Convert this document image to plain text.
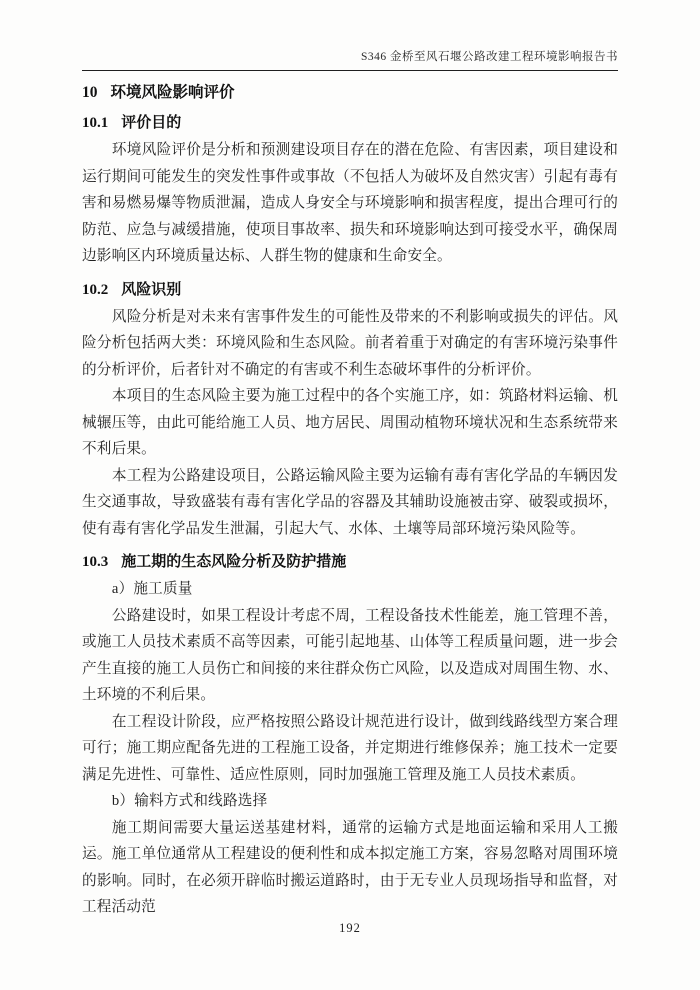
S346 金桥至风石堰公路改建工程环境影响报告书
10 环境风险影响评价
10.1 评价目的

环境风险评价是分析和预测建设项目存在的潜在危险、有害因素，项目建设和运行期间可能发生的突发性事件或事故（不包括人为破坏及自然灾害）引起有毒有害和易燃易爆等物质泄漏，造成人身安全与环境影响和损害程度，提出合理可行的防范、应急与减缓措施，使项目事故率、损失和环境影响达到可接受水平，确保周边影响区内环境质量达标、人群生物的健康和生命安全。

10.2 风险识别

风险分析是对未来有害事件发生的可能性及带来的不利影响或损失的评估。风险分析包括两大类：环境风险和生态风险。前者着重于对确定的有害环境污染事件的分析评价，后者针对不确定的有害或不利生态破坏事件的分析评价。

本项目的生态风险主要为施工过程中的各个实施工序，如：筑路材料运输、机械辗压等，由此可能给施工人员、地方居民、周围动植物环境状况和生态系统带来不利后果。

本工程为公路建设项目，公路运输风险主要为运输有毒有害化学品的车辆因发生交通事故，导致盛装有毒有害化学品的容器及其辅助设施被击穿、破裂或损坏，使有毒有害化学品发生泄漏，引起大气、水体、土壤等局部环境污染风险等。

10.3 施工期的生态风险分析及防护措施

a）施工质量

公路建设时，如果工程设计考虑不周，工程设备技术性能差，施工管理不善，或施工人员技术素质不高等因素，可能引起地基、山体等工程质量问题，进一步会产生直接的施工人员伤亡和间接的来往群众伤亡风险，以及造成对周围生物、水、土环境的不利后果。

在工程设计阶段，应严格按照公路设计规范进行设计，做到线路线型方案合理可行；施工期应配备先进的工程施工设备，并定期进行维修保养；施工技术一定要满足先进性、可靠性、适应性原则，同时加强施工管理及施工人员技术素质。

b）输料方式和线路选择

施工期间需要大量运送基建材料，通常的运输方式是地面运输和采用人工搬运。施工单位通常从工程建设的便利性和成本拟定施工方案，容易忽略对周围环境的影响。同时，在必须开辟临时搬运道路时，由于无专业人员现场指导和监督，对工程活动范

192
